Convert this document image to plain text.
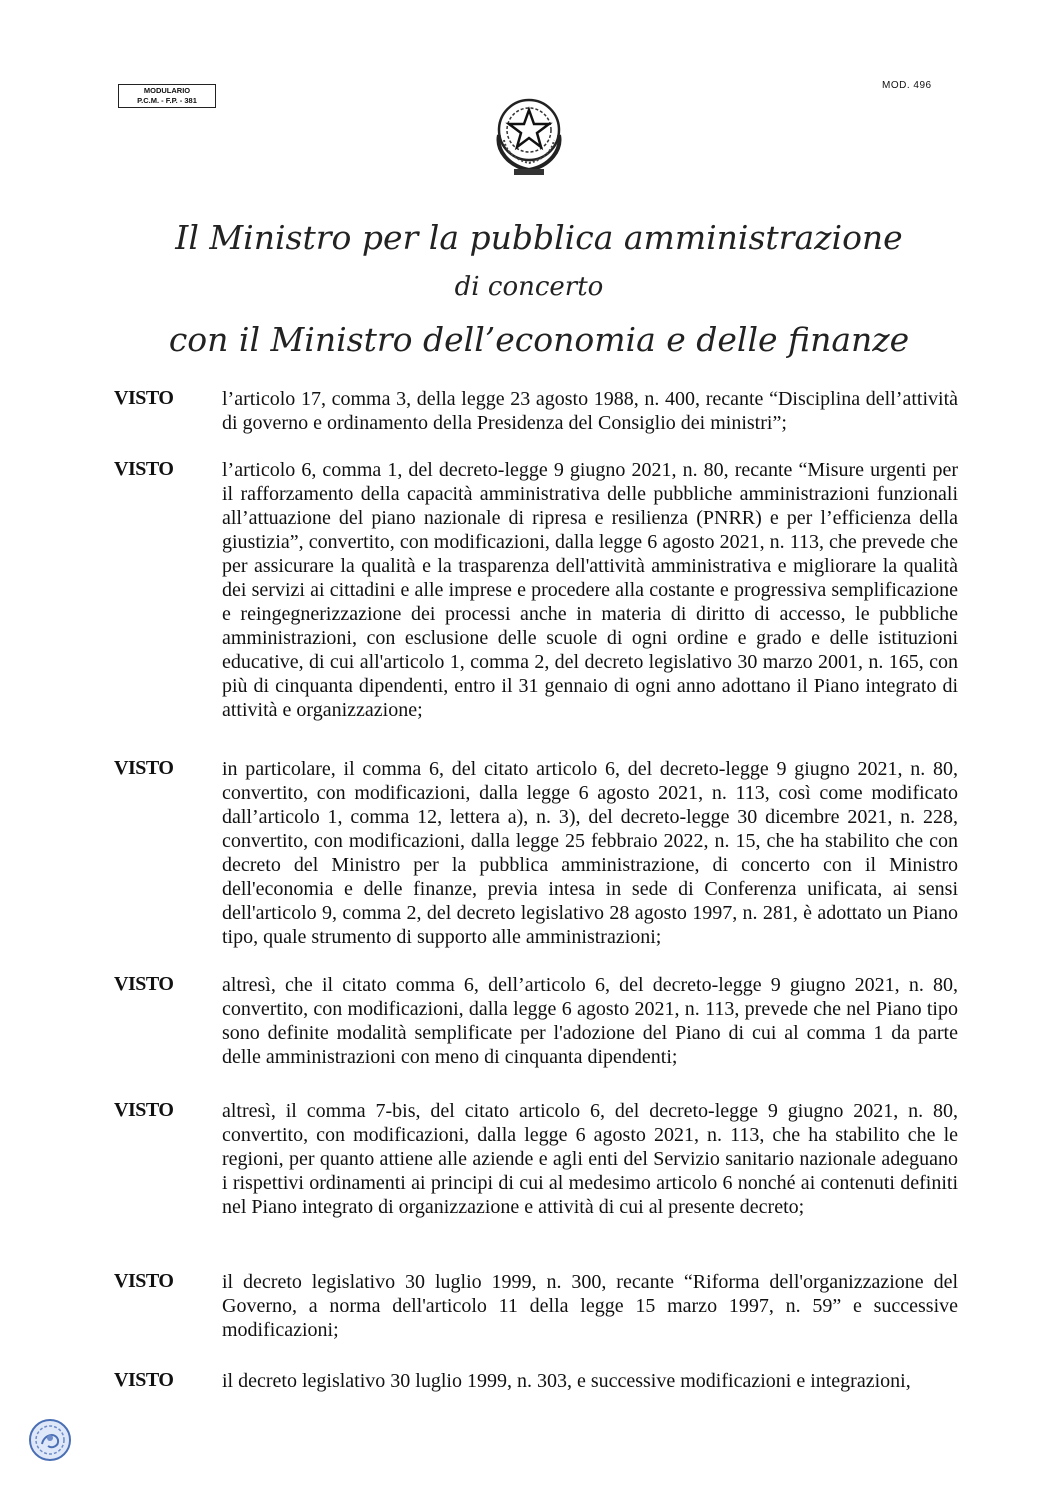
MODULARIO
P.C.M. - F.P. - 381
MOD. 496
Il Ministro per la pubblica amministrazione
di concerto
con il Ministro dell’economia e delle finanze
VISTO l’articolo 17, comma 3, della legge 23 agosto 1988, n. 400, recante “Disciplina dell’attività di governo e ordinamento della Presidenza del Consiglio dei ministri”;
VISTO l’articolo 6, comma 1, del decreto-legge 9 giugno 2021, n. 80, recante “Misure urgenti per il rafforzamento della capacità amministrativa delle pubbliche amministrazioni funzionali all’attuazione del piano nazionale di ripresa e resilienza (PNRR) e per l’efficienza della giustizia”, convertito, con modificazioni, dalla legge 6 agosto 2021, n. 113, che prevede che per assicurare la qualità e la trasparenza dell'attività amministrativa e migliorare la qualità dei servizi ai cittadini e alle imprese e procedere alla costante e progressiva semplificazione e reingegnerizzazione dei processi anche in materia di diritto di accesso, le pubbliche amministrazioni, con esclusione delle scuole di ogni ordine e grado e delle istituzioni educative, di cui all'articolo 1, comma 2, del decreto legislativo 30 marzo 2001, n. 165, con più di cinquanta dipendenti, entro il 31 gennaio di ogni anno adottano il Piano integrato di attività e organizzazione;
VISTO in particolare, il comma 6, del citato articolo 6, del decreto-legge 9 giugno 2021, n. 80, convertito, con modificazioni, dalla legge 6 agosto 2021, n. 113, così come modificato dall’articolo 1, comma 12, lettera a), n. 3), del decreto-legge 30 dicembre 2021, n. 228, convertito, con modificazioni, dalla legge 25 febbraio 2022, n. 15, che ha stabilito che con decreto del Ministro per la pubblica amministrazione, di concerto con il Ministro dell'economia e delle finanze, previa intesa in sede di Conferenza unificata, ai sensi dell'articolo 9, comma 2, del decreto legislativo 28 agosto 1997, n. 281, è adottato un Piano tipo, quale strumento di supporto alle amministrazioni;
VISTO altresì, che il citato comma 6, dell’articolo 6, del decreto-legge 9 giugno 2021, n. 80, convertito, con modificazioni, dalla legge 6 agosto 2021, n. 113, prevede che nel Piano tipo sono definite modalità semplificate per l'adozione del Piano di cui al comma 1 da parte delle amministrazioni con meno di cinquanta dipendenti;
VISTO altresì, il comma 7-bis, del citato articolo 6, del decreto-legge 9 giugno 2021, n. 80, convertito, con modificazioni, dalla legge 6 agosto 2021, n. 113, che ha stabilito che le regioni, per quanto attiene alle aziende e agli enti del Servizio sanitario nazionale adeguano i rispettivi ordinamenti ai principi di cui al medesimo articolo 6 nonché ai contenuti definiti nel Piano integrato di organizzazione e attività di cui al presente decreto;
VISTO il decreto legislativo 30 luglio 1999, n. 300, recante “Riforma dell'organizzazione del Governo, a norma dell'articolo 11 della legge 15 marzo 1997, n. 59” e successive modificazioni;
VISTO il decreto legislativo 30 luglio 1999, n. 303, e successive modificazioni e integrazioni,
